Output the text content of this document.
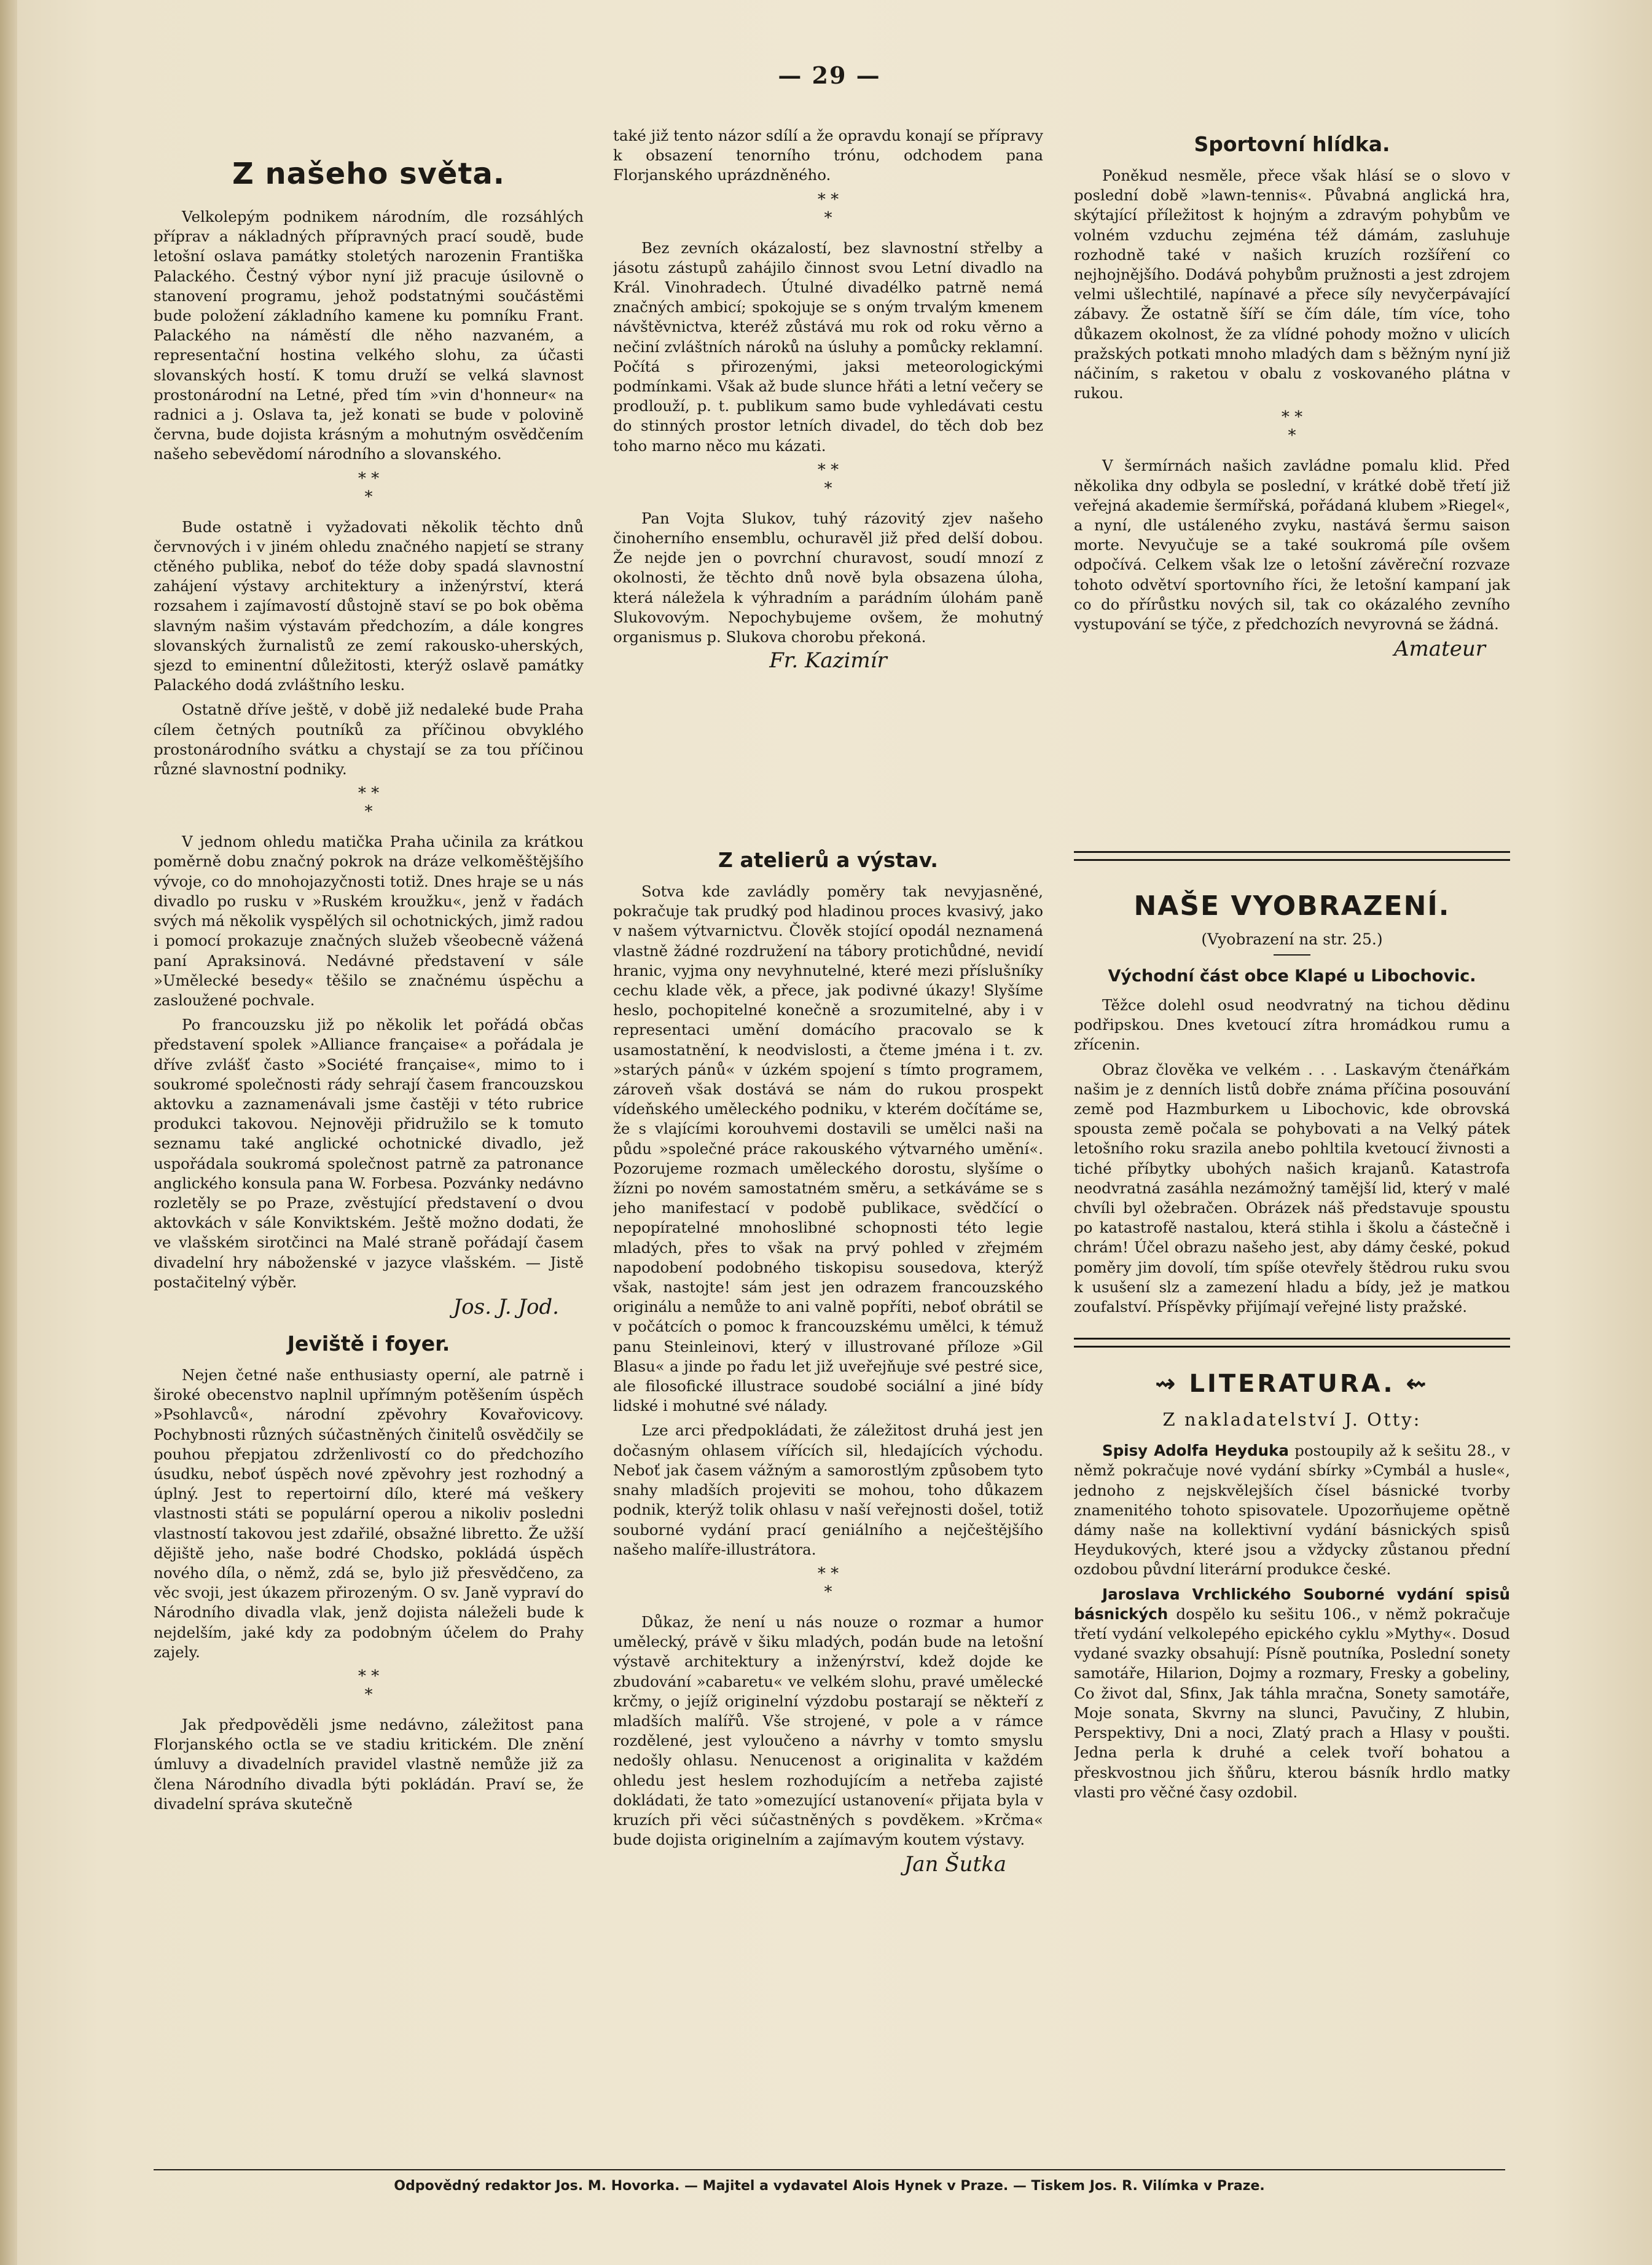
— 29 —
Z našeho světa.

Velkolepým podnikem národním, dle rozsáhlých příprav a nákladných přípravných prací soudě, bude letošní oslava památky stoletých narozenin Františka Palackého. Čestný výbor nyní již pracuje úsilovně o stanovení programu, jehož podstatnými součástěmi bude položení základního kamene ku pomníku Frant. Palackého na náměstí dle něho nazvaném, a representační hostina velkého slohu, za účasti slovanských hostí. K tomu druží se velká slavnost prostonárodní na Letné, před tím »vin d'honneur« na radnici a j. Oslava ta, jež konati se bude v polovině června, bude dojista krásným a mohutným osvědčením našeho sebevědomí národního a slovanského.

* *
*

Bude ostatně i vyžadovati několik těchto dnů červnových i v jiném ohledu značného napjetí se strany ctěného publika, neboť do téže doby spadá slavnostní zahájení výstavy architektury a inženýrství, která rozsahem i zajímavostí důstojně staví se po bok oběma slavným našim výstavám předchozím, a dále kongres slovanských žurnalistů ze zemí rakousko-uherských, sjezd to eminentní důležitosti, kterýž oslavě památky Palackého dodá zvláštního lesku.

Ostatně dříve ještě, v době již nedaleké bude Praha cílem četných poutníků za příčinou obvyklého prostonárodního svátku a chystají se za tou příčinou různé slavnostní podniky.

* *
*

V jednom ohledu matička Praha učinila za krátkou poměrně dobu značný pokrok na dráze velkoměštějšího vývoje, co do mnohojazyčnosti totiž. Dnes hraje se u nás divadlo po rusku v »Ruském kroužku«, jenž v řadách svých má několik vyspělých sil ochotnických, jimž radou i pomocí prokazuje značných služeb všeobecně vážená paní Apraksinová. Nedávné představení v sále »Umělecké besedy« těšilo se značnému úspěchu a zasloužené pochvale.

Po francouzsku již po několik let pořádá občas představení spolek »Alliance française« a pořádala je dříve zvlášť často »Société française«, mimo to i soukromé společnosti rády sehrají časem francouzskou aktovku a zaznamenávali jsme častěji v této rubrice produkci takovou. Nejnověji přidružilo se k tomuto seznamu také anglické ochotnické divadlo, jež uspořádala soukromá společnost patrně za patronance anglického konsula pana W. Forbesa. Pozvánky nedávno rozletěly se po Praze, zvěstující představení o dvou aktovkách v sále Konviktském. Ještě možno dodati, že ve vlašském sirotčinci na Malé straně pořádají časem divadelní hry náboženské v jazyce vlašském. — Jistě postačitelný výběr.

Jos. J. Jod.
Jeviště i foyer.

Nejen četné naše enthusiasty operní, ale patrně i široké obecenstvo naplnil upřímným potěšením úspěch »Psohlavců«, národní zpěvohry Kovařovicovy. Pochybnosti různých súčastněných činitelů osvědčily se pouhou přepjatou zdrženlivostí co do předchozího úsudku, neboť úspěch nové zpěvohry jest rozhodný a úplný. Jest to repertoirní dílo, které má veškery vlastnosti státi se populární operou a nikoliv posledni vlastností takovou jest zdařilé, obsažné libretto. Že užší dějiště jeho, naše bodré Chodsko, pokládá úspěch nového díla, o němž, zdá se, bylo již přesvědčeno, za věc svoji, jest úkazem přirozeným. O sv. Janě vypraví do Národního divadla vlak, jenž dojista náleželi bude k nejdelším, jaké kdy za podobným účelem do Prahy zajely.

* *
*

Jak předpověděli jsme nedávno, záležitost pana Florjanského octla se ve stadiu kritickém. Dle znění úmluvy a divadelních pravidel vlastně nemůže již za člena Národního divadla býti pokládán. Praví se, že divadelní správa skutečně

také již tento názor sdílí a že opravdu konají se přípravy k obsazení tenorního trónu, odchodem pana Florjanského uprázdněného.

* *
*

Bez zevních okázalostí, bez slavnostní střelby a jásotu zástupů zahájilo činnost svou Letní divadlo na Král. Vinohradech. Útulné divadélko patrně nemá značných ambicí; spokojuje se s oným trvalým kmenem návštěvnictva, kteréž zůstává mu rok od roku věrno a nečiní zvláštních nároků na úsluhy a pomůcky reklamní. Počítá s přirozenými, jaksi meteorologickými podmínkami. Však až bude slunce hřáti a letní večery se prodlouží, p. t. publikum samo bude vyhledávati cestu do stinných prostor letních divadel, do těch dob bez toho marno něco mu kázati.

* *
*

Pan Vojta Slukov, tuhý rázovitý zjev našeho činoherního ensemblu, ochuravěl již před delší dobou. Že nejde jen o povrchní churavost, soudí mnozí z okolnosti, že těchto dnů nově byla obsazena úloha, která náležela k výhradním a parádním úlohám paně Slukovovým. Nepochybujeme ovšem, že mohutný organismus p. Slukova chorobu překoná.

Fr. Kazimír
Z atelierů a výstav.

Sotva kde zavládly poměry tak nevyjasněné, pokračuje tak prudký pod hladinou proces kvasivý, jako v našem výtvarnictvu. Člověk stojící opodál neznamená vlastně žádné rozdružení na tábory protichůdné, nevidí hranic, vyjma ony nevyhnutelné, které mezi příslušníky cechu klade věk, a přece, jak podivné úkazy! Slyšíme heslo, pochopitelné konečně a srozumitelné, aby i v representaci umění domácího pracovalo se k usamostatnění, k neodvislosti, a čteme jména i t. zv. »starých pánů« v úzkém spojení s tímto programem, zároveň však dostává se nám do rukou prospekt vídeňského uměleckého podniku, v kterém dočítáme se, že s vlajícími korouhvemi dostavili se umělci naši na půdu »společné práce rakouského výtvarného umění«. Pozorujeme rozmach uměleckého dorostu, slyšíme o žízni po novém samostatném směru, a setkáváme se s jeho manifestací v podobě publikace, svědčící o nepopíratelné mnohoslibné schopnosti této legie mladých, přes to však na prvý pohled v zřejmém napodobení podobného tiskopisu sousedova, kterýž však, nastojte! sám jest jen odrazem francouzského originálu a nemůže to ani valně popříti, neboť obrátil se v počátcích o pomoc k francouzskému umělci, k témuž panu Steinleinovi, který v illustrované příloze »Gil Blasu« a jinde po řadu let již uveřejňuje své pestré sice, ale filosofické illustrace soudobé sociální a jiné bídy lidské i mohutné své nálady.

Lze arci předpokládati, že záležitost druhá jest jen dočasným ohlasem vířících sil, hledajících východu. Neboť jak časem vážným a samorostlým způsobem tyto snahy mladších projeviti se mohou, toho důkazem podnik, kterýž tolik ohlasu v naší veřejnosti došel, totiž souborné vydání prací geniálního a nejčeštějšího našeho malíře-illustrátora.

* *
*

Důkaz, že není u nás nouze o rozmar a humor umělecký, právě v šiku mladých, podán bude na letošní výstavě architektury a inženýrství, kdež dojde ke zbudování »cabaretu« ve velkém slohu, pravé umělecké krčmy, o jejíž originelní výzdobu postarají se někteří z mladších malířů. Vše strojené, v pole a v rámce rozdělené, jest vyloučeno a návrhy v tomto smyslu nedošly ohlasu. Nenucenost a originalita v každém ohledu jest heslem rozhodujícím a netřeba zajisté dokládati, že tato »omezující ustanovení« přijata byla v kruzích při věci súčastněných s povděkem. »Krčma« bude dojista originelním a zajímavým koutem výstavy.

Jan Šutka
Sportovní hlídka.

Poněkud nesměle, přece však hlásí se o slovo v poslední době »lawn-tennis«. Půvabná anglická hra, skýtající příležitost k hojným a zdravým pohybům ve volném vzduchu zejména též dámám, zasluhuje rozhodně také v našich kruzích rozšíření co nejhojnějšího. Dodává pohybům pružnosti a jest zdrojem velmi ušlechtilé, napínavé a přece síly nevyčerpávající zábavy. Že ostatně šíří se čím dále, tím více, toho důkazem okolnost, že za vlídné pohody možno v ulicích pražských potkati mnoho mladých dam s běžným nyní již náčiním, s raketou v obalu z voskovaného plátna v rukou.

* *
*

V šermírnách našich zavládne pomalu klid. Před několika dny odbyla se poslední, v krátké době třetí již veřejná akademie šermířská, pořádaná klubem »Riegel«, a nyní, dle ustáleného zvyku, nastává šermu saison morte. Nevyučuje se a také soukromá píle ovšem odpočívá. Celkem však lze o letošní závěreční rozvaze tohoto odvětví sportovního říci, že letošní kampaní jak co do přírůstku nových sil, tak co okázalého zevního vystupování se týče, z předchozích nevyrovná se žádná.

Amateur
NAŠE VYOBRAZENÍ.
(Vyobrazení na str. 25.)
Východní část obce Klapé u Libochovic.

Těžce dolehl osud neodvratný na tichou dědinu podřipskou. Dnes kvetoucí zítra hromádkou rumu a zřícenin.

Obraz člověka ve velkém . . . Laskavým čtenářkám našim je z denních listů dobře známa příčina posouvání země pod Hazmburkem u Libochovic, kde obrovská spousta země počala se pohybovati a na Velký pátek letošního roku srazila anebo pohltila kvetoucí živnosti a tiché příbytky ubohých našich krajanů. Katastrofa neodvratná zasáhla nezámožný tamější lid, který v malé chvíli byl ožebračen. Obrázek náš představuje spoustu po katastrofě nastalou, která stihla i školu a částečně i chrám! Účel obrazu našeho jest, aby dámy české, pokud poměry jim dovolí, tím spíše otevřely štědrou ruku svou k usušení slz a zamezení hladu a bídy, jež je matkou zoufalství. Příspěvky přijímají veřejné listy pražské.

⇝ LITERATURA. ⇜
Z nakladatelství J. Otty:

Spisy Adolfa Heyduka postoupily až k sešitu 28., v němž pokračuje nové vydání sbírky »Cymbál a husle«, jednoho z nejskvělejších čísel básnické tvorby znamenitého tohoto spisovatele. Upozorňujeme opětně dámy naše na kollektivní vydání básnických spisů Heydukových, které jsou a vždycky zůstanou přední ozdobou půvdní literární produkce české.

Jaroslava Vrchlického Souborné vydání spisů básnických dospělo ku sešitu 106., v němž pokračuje třetí vydání velkolepého epického cyklu »Mythy«. Dosud vydané svazky obsahují: Písně poutníka, Poslední sonety samotáře, Hilarion, Dojmy a rozmary, Fresky a gobeliny, Co život dal, Sfinx, Jak táhla mračna, Sonety samotáře, Moje sonata, Skvrny na slunci, Pavučiny, Z hlubin, Perspektivy, Dni a noci, Zlatý prach a Hlasy v poušti. Jedna perla k druhé a celek tvoří bohatou a přeskvostnou jich šňůru, kterou básník hrdlo matky vlasti pro věčné časy ozdobil.

Odpovědný redaktor Jos. M. Hovorka. — Majitel a vydavatel Alois Hynek v Praze. — Tiskem Jos. R. Vilímka v Praze.
